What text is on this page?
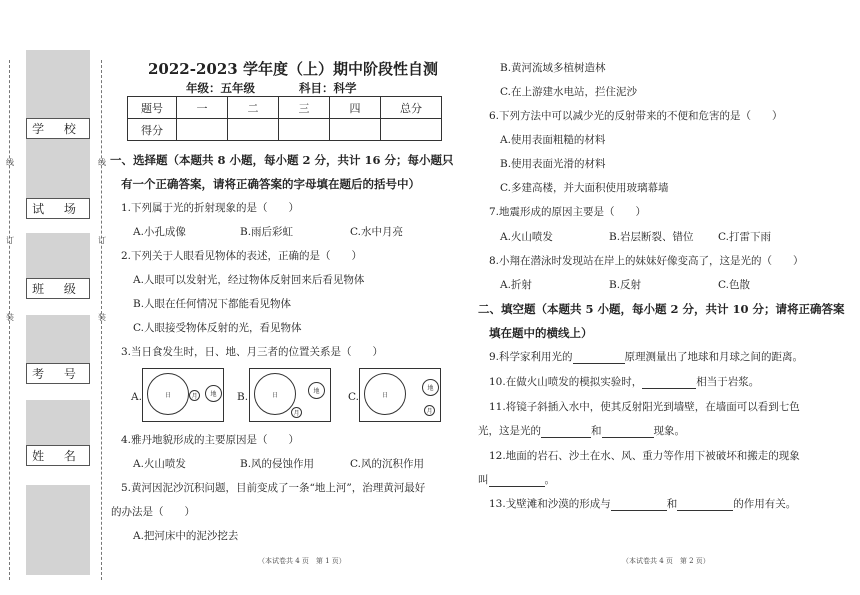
学 校
试 场
班 级
考 号
姓 名
线
订
装
线
订
装
2022-2023 学年度（上）期中阶段性自测
年级：五年级	科目：科学
题号	一	二	三	四	总分
得分					
一、选择题（本题共 8 小题，每小题 2 分，共计 16 分；每小题只
有一个正确答案，请将正确答案的字母填在题后的括号中）
1.下列属于光的折射现象的是（　　）
A.小孔成像	B.雨后彩虹	C.水中月亮
2.下列关于人眼看见物体的表述，正确的是（　　）
A.人眼可以发射光，经过物体反射回来后看见物体
B.人眼在任何情况下都能看见物体
C.人眼接受物体反射的光，看见物体
3.当日食发生时，日、地、月三者的位置关系是（　　）
A.	日	月	地	B.	日	地
月
C.	日
地
月
4.雅丹地貌形成的主要原因是（　　）
A.火山喷发	B.风的侵蚀作用	C.风的沉积作用
5.黄河因泥沙沉积问题，目前变成了一条“地上河”，治理黄河最好
的办法是（　　）
A.把河床中的泥沙挖去
（本试卷共 4 页　第 1 页）
B.黄河流域多植树造林
C.在上游建水电站，拦住泥沙
6.下列方法中可以减少光的反射带来的不便和危害的是（　　）
A.使用表面粗糙的材料
B.使用表面光滑的材料
C.多建高楼，并大面积使用玻璃幕墙
7.地震形成的原因主要是（　　）
A.火山喷发	B.岩层断裂、错位 C.打雷下雨
8.小翔在潜泳时发现站在岸上的妹妹好像变高了，这是光的（　　）
A.折射	B.反射	C.色散
二、填空题（本题共 5 小题，每小题 2 分，共计 10 分；请将正确答案
填在题中的横线上）
9.科学家利用光的	原理测量出了地球和月球之间的距离。
10.在做火山喷发的模拟实验时，	相当于岩浆。
11.将镜子斜插入水中，使其反射阳光到墙壁，在墙面可以看到七色
光，这是光的	和	现象。
12.地面的岩石、沙土在水、风、重力等作用下被破坏和搬走的现象
叫	。
13.戈壁滩和沙漠的形成与	和	的作用有关。
（本试卷共 4 页　第 2 页）
